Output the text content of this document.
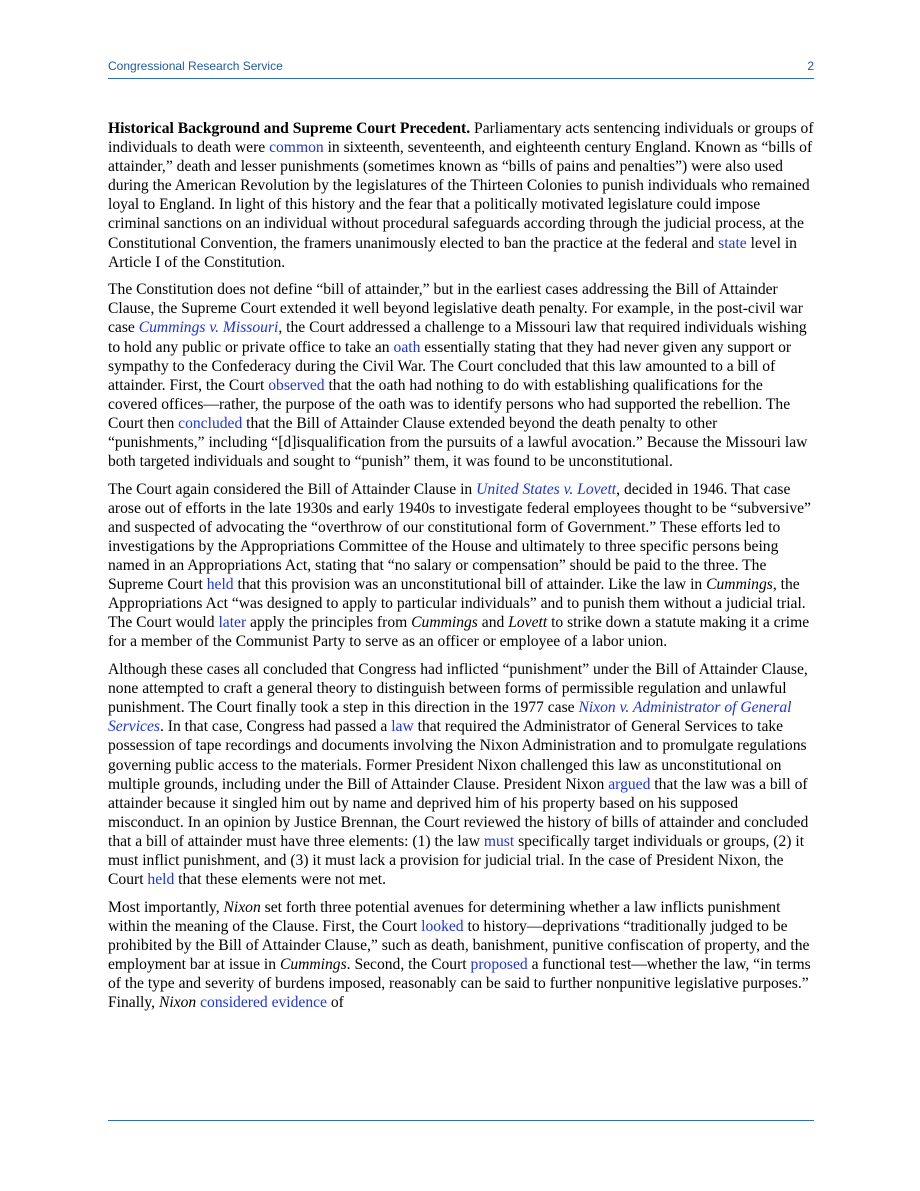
Congressional Research Service	2

Historical Background and Supreme Court Precedent. Parliamentary acts sentencing individuals or groups of individuals to death were common in sixteenth, seventeenth, and eighteenth century England. Known as “bills of attainder,” death and lesser punishments (sometimes known as “bills of pains and penalties”) were also used during the American Revolution by the legislatures of the Thirteen Colonies to punish individuals who remained loyal to England. In light of this history and the fear that a politically motivated legislature could impose criminal sanctions on an individual without procedural safeguards according through the judicial process, at the Constitutional Convention, the framers unanimously elected to ban the practice at the federal and state level in Article I of the Constitution.

The Constitution does not define “bill of attainder,” but in the earliest cases addressing the Bill of Attainder Clause, the Supreme Court extended it well beyond legislative death penalty. For example, in the post-civil war case Cummings v. Missouri, the Court addressed a challenge to a Missouri law that required individuals wishing to hold any public or private office to take an oath essentially stating that they had never given any support or sympathy to the Confederacy during the Civil War. The Court concluded that this law amounted to a bill of attainder. First, the Court observed that the oath had nothing to do with establishing qualifications for the covered offices—rather, the purpose of the oath was to identify persons who had supported the rebellion. The Court then concluded that the Bill of Attainder Clause extended beyond the death penalty to other “punishments,” including “[d]isqualification from the pursuits of a lawful avocation.” Because the Missouri law both targeted individuals and sought to “punish” them, it was found to be unconstitutional.

The Court again considered the Bill of Attainder Clause in United States v. Lovett, decided in 1946. That case arose out of efforts in the late 1930s and early 1940s to investigate federal employees thought to be “subversive” and suspected of advocating the “overthrow of our constitutional form of Government.” These efforts led to investigations by the Appropriations Committee of the House and ultimately to three specific persons being named in an Appropriations Act, stating that “no salary or compensation” should be paid to the three. The Supreme Court held that this provision was an unconstitutional bill of attainder. Like the law in Cummings, the Appropriations Act “was designed to apply to particular individuals” and to punish them without a judicial trial. The Court would later apply the principles from Cummings and Lovett to strike down a statute making it a crime for a member of the Communist Party to serve as an officer or employee of a labor union.

Although these cases all concluded that Congress had inflicted “punishment” under the Bill of Attainder Clause, none attempted to craft a general theory to distinguish between forms of permissible regulation and unlawful punishment. The Court finally took a step in this direction in the 1977 case Nixon v. Administrator of General Services. In that case, Congress had passed a law that required the Administrator of General Services to take possession of tape recordings and documents involving the Nixon Administration and to promulgate regulations governing public access to the materials. Former President Nixon challenged this law as unconstitutional on multiple grounds, including under the Bill of Attainder Clause. President Nixon argued that the law was a bill of attainder because it singled him out by name and deprived him of his property based on his supposed misconduct. In an opinion by Justice Brennan, the Court reviewed the history of bills of attainder and concluded that a bill of attainder must have three elements: (1) the law must specifically target individuals or groups, (2) it must inflict punishment, and (3) it must lack a provision for judicial trial. In the case of President Nixon, the Court held that these elements were not met.

Most importantly, Nixon set forth three potential avenues for determining whether a law inflicts punishment within the meaning of the Clause. First, the Court looked to history—deprivations “traditionally judged to be prohibited by the Bill of Attainder Clause,” such as death, banishment, punitive confiscation of property, and the employment bar at issue in Cummings. Second, the Court proposed a functional test—whether the law, “in terms of the type and severity of burdens imposed, reasonably can be said to further nonpunitive legislative purposes.” Finally, Nixon considered evidence of
